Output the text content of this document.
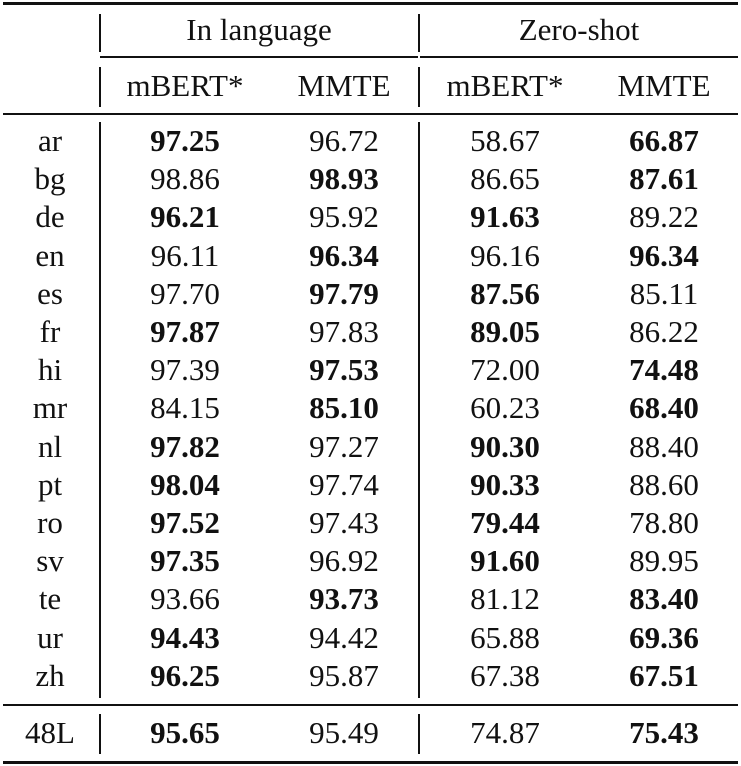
In language	Zero-shot
mBERT*	MMTE	mBERT*	MMTE
ar	97.25	96.72	58.67	66.87
bg	98.86	98.93	86.65	87.61
de	96.21	95.92	91.63	89.22
en	96.11	96.34	96.16	96.34
es	97.70	97.79	87.56	85.11
fr	97.87	97.83	89.05	86.22
hi	97.39	97.53	72.00	74.48
mr	84.15	85.10	60.23	68.40
nl	97.82	97.27	90.30	88.40
pt	98.04	97.74	90.33	88.60
ro	97.52	97.43	79.44	78.80
sv	97.35	96.92	91.60	89.95
te	93.66	93.73	81.12	83.40
ur	94.43	94.42	65.88	69.36
zh	96.25	95.87	67.38	67.51
48L	95.65	95.49	74.87	75.43
